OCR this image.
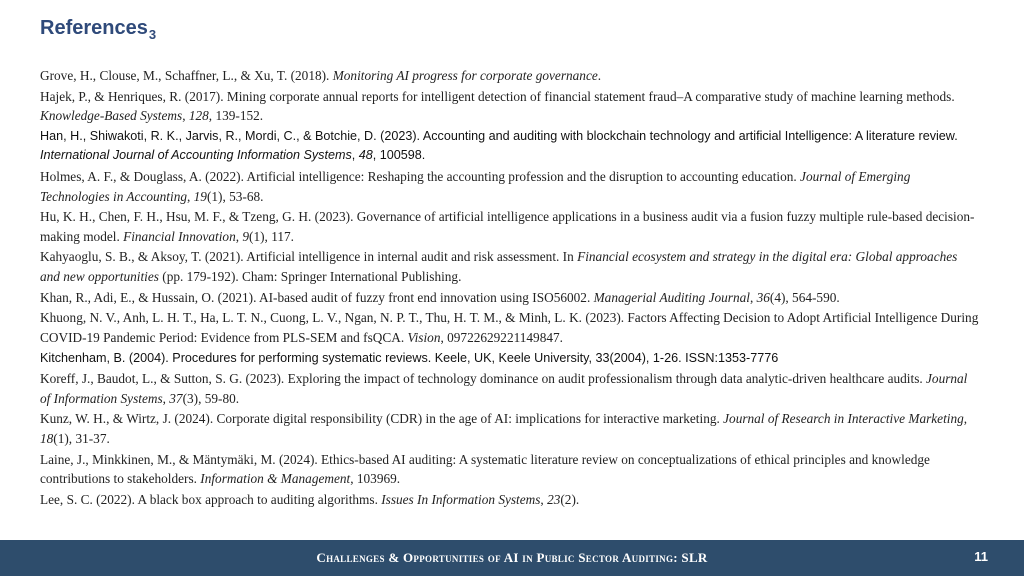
References$_3$
Grove, H., Clouse, M., Schaffner, L., & Xu, T. (2018). Monitoring AI progress for corporate governance.
Hajek, P., & Henriques, R. (2017). Mining corporate annual reports for intelligent detection of financial statement fraud–A comparative study of machine learning methods. Knowledge-Based Systems, 128, 139-152.
Han, H., Shiwakoti, R. K., Jarvis, R., Mordi, C., & Botchie, D. (2023). Accounting and auditing with blockchain technology and artificial Intelligence: A literature review. International Journal of Accounting Information Systems, 48, 100598.
Holmes, A. F., & Douglass, A. (2022). Artificial intelligence: Reshaping the accounting profession and the disruption to accounting education. Journal of Emerging Technologies in Accounting, 19(1), 53-68.
Hu, K. H., Chen, F. H., Hsu, M. F., & Tzeng, G. H. (2023). Governance of artificial intelligence applications in a business audit via a fusion fuzzy multiple rule-based decision-making model. Financial Innovation, 9(1), 117.
Kahyaoglu, S. B., & Aksoy, T. (2021). Artificial intelligence in internal audit and risk assessment. In Financial ecosystem and strategy in the digital era: Global approaches and new opportunities (pp. 179-192). Cham: Springer International Publishing.
Khan, R., Adi, E., & Hussain, O. (2021). AI-based audit of fuzzy front end innovation using ISO56002. Managerial Auditing Journal, 36(4), 564-590.
Khuong, N. V., Anh, L. H. T., Ha, L. T. N., Cuong, L. V., Ngan, N. P. T., Thu, H. T. M., & Minh, L. K. (2023). Factors Affecting Decision to Adopt Artificial Intelligence During COVID-19 Pandemic Period: Evidence from PLS-SEM and fsQCA. Vision, 09722629221149847.
Kitchenham, B. (2004). Procedures for performing systematic reviews. Keele, UK, Keele University, 33(2004), 1-26. ISSN:1353-7776
Koreff, J., Baudot, L., & Sutton, S. G. (2023). Exploring the impact of technology dominance on audit professionalism through data analytic-driven healthcare audits. Journal of Information Systems, 37(3), 59-80.
Kunz, W. H., & Wirtz, J. (2024). Corporate digital responsibility (CDR) in the age of AI: implications for interactive marketing. Journal of Research in Interactive Marketing, 18(1), 31-37.
Laine, J., Minkkinen, M., & Mäntymäki, M. (2024). Ethics-based AI auditing: A systematic literature review on conceptualizations of ethical principles and knowledge contributions to stakeholders. Information & Management, 103969.
Lee, S. C. (2022). A black box approach to auditing algorithms. Issues In Information Systems, 23(2).
Challenges & Opportunities of AI in Public Sector Auditing: SLR	11
